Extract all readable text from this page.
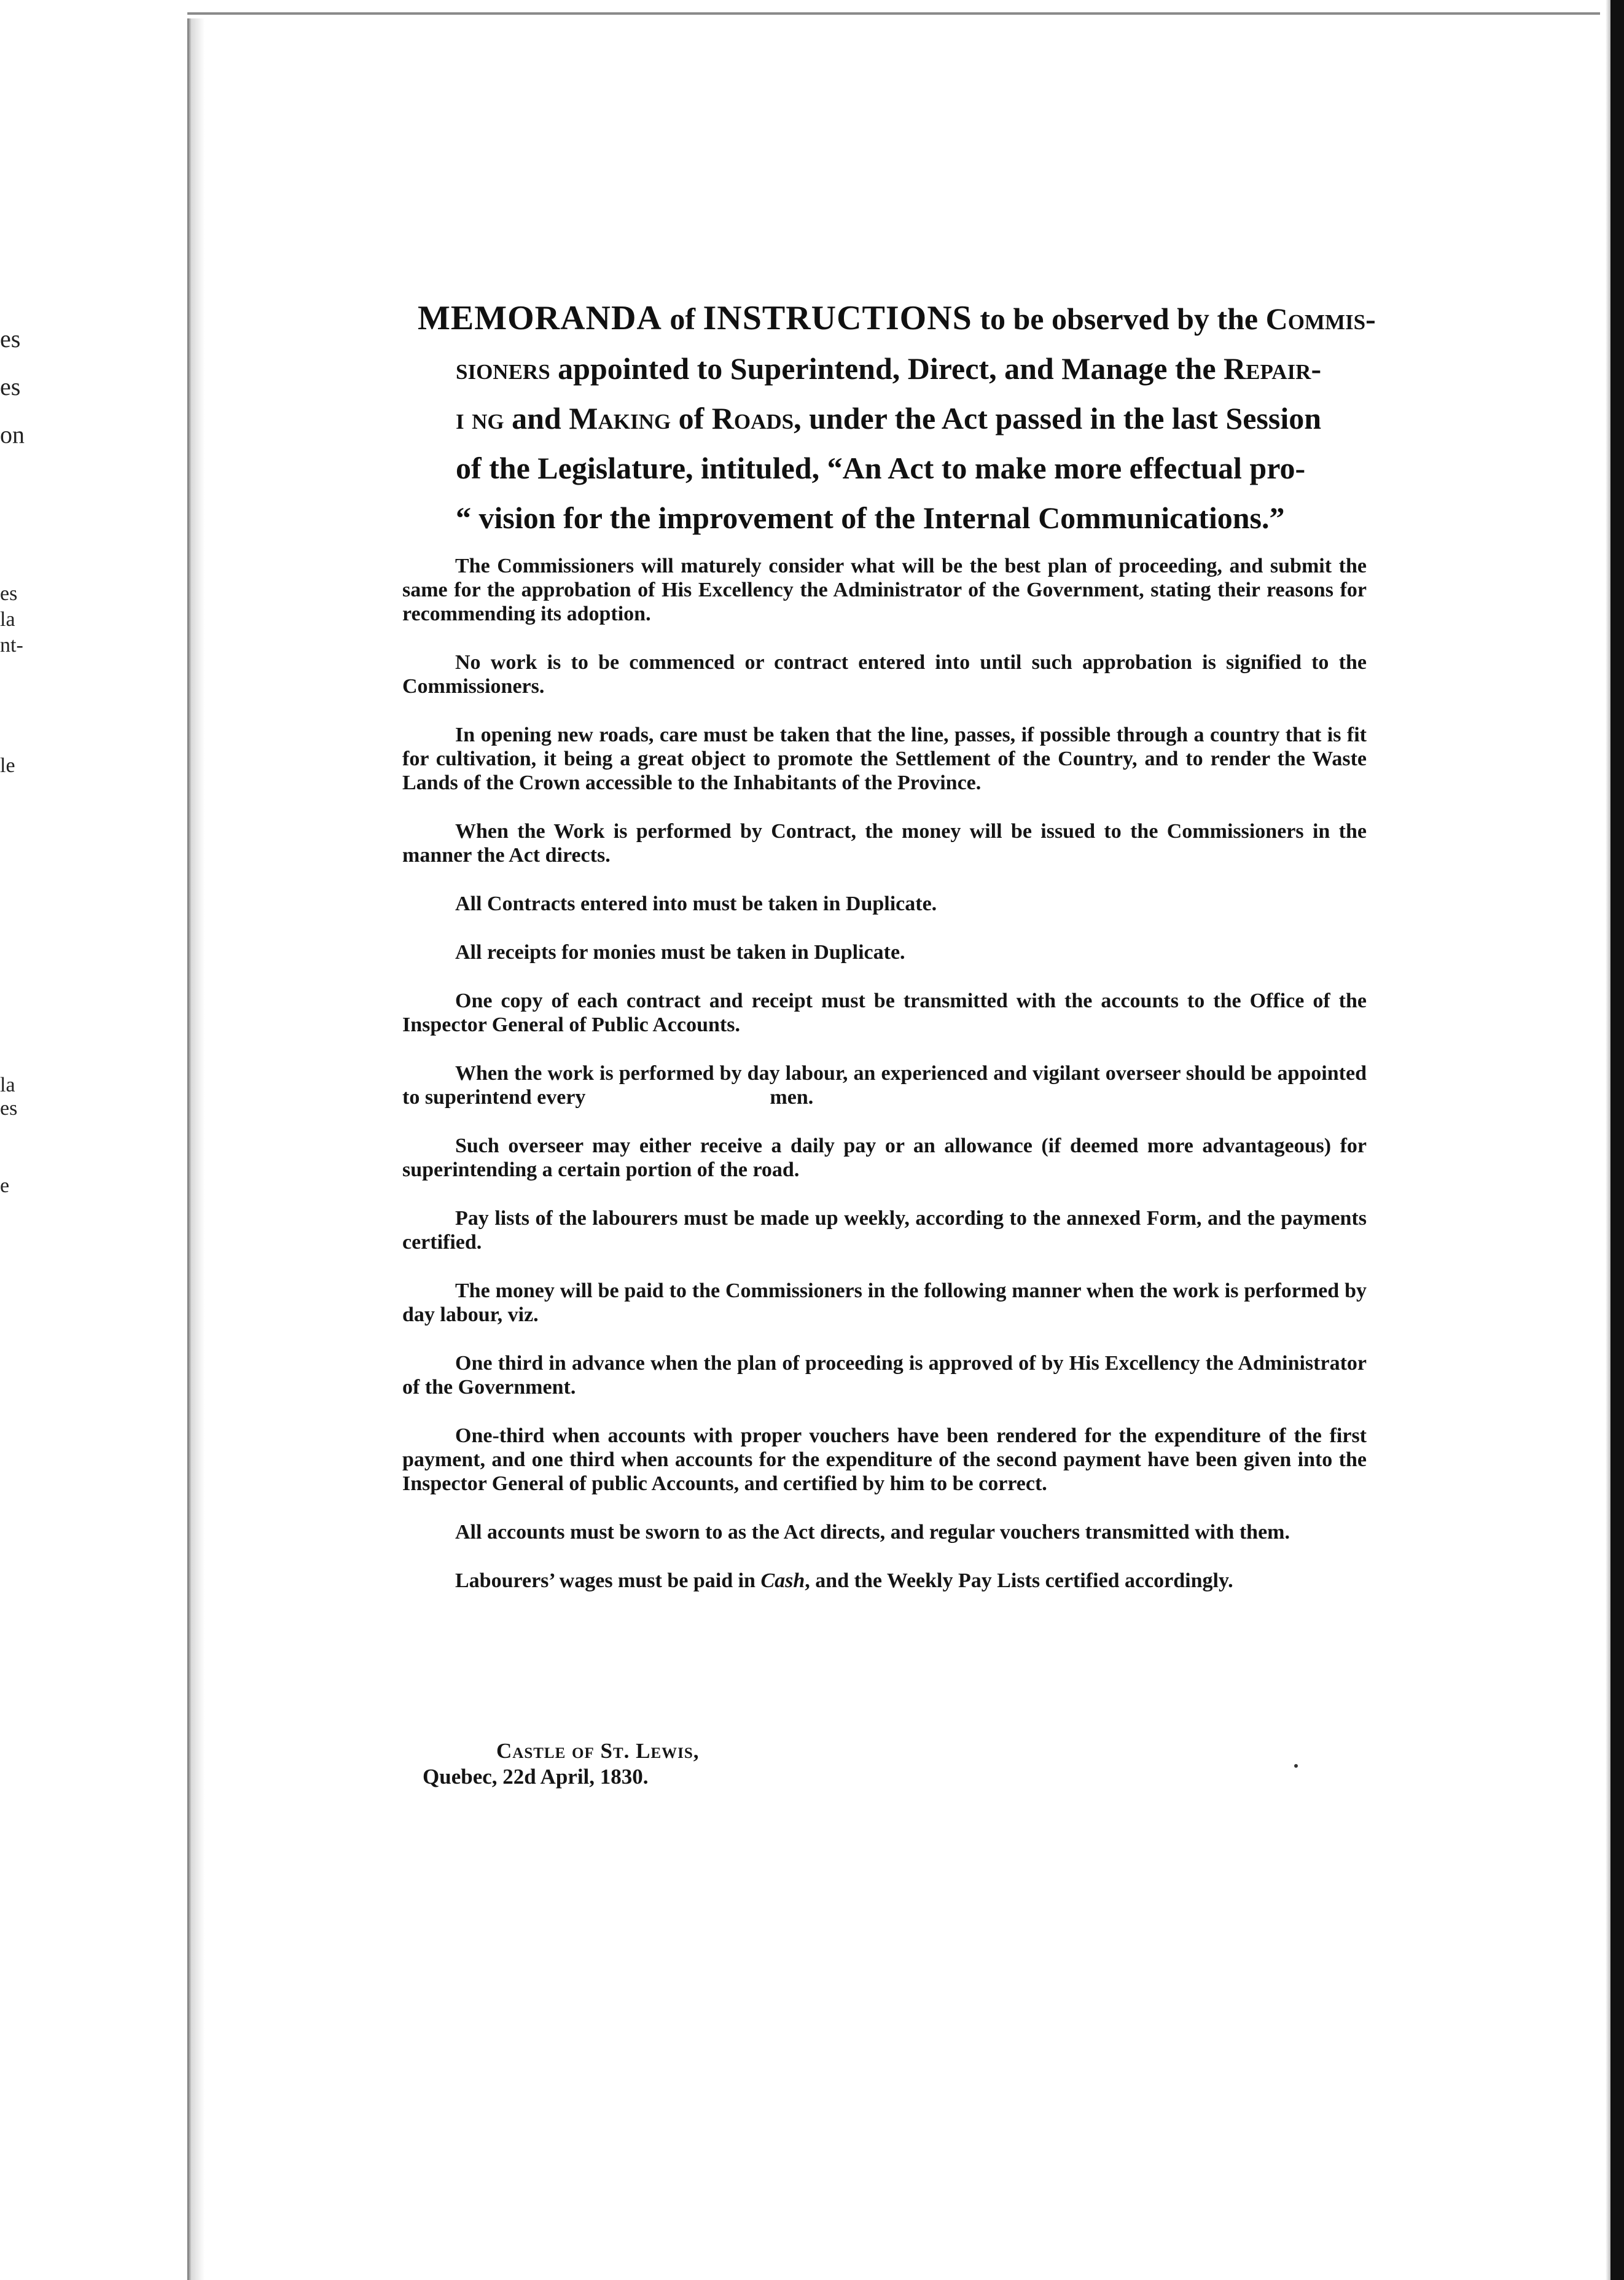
es
es
on
es
la
nt-
le
la
es
e
MEMORANDA of INSTRUCTIONS to be observed by the Commis-
sioners appointed to Superintend, Direct, and Manage the Repair-
i ng and Making of Roads, under the Act passed in the last Session
of the Legislature, intituled, “An Act to make more effectual pro-
“ vision for the improvement of the Internal Communications.”

The Commissioners will maturely consider what will be the best plan of proceeding, and submit the same for the approbation of His Excellency the Administrator of the Government, stating their reasons for recommending its adoption.

No work is to be commenced or contract entered into until such approbation is signified to the Commissioners.

In opening new roads, care must be taken that the line, passes, if possible through a country that is fit for cultivation, it being a great object to promote the Settlement of the Country, and to render the Waste Lands of the Crown accessible to the Inhabitants of the Province.

When the Work is performed by Contract, the money will be issued to the Commissioners in the manner the Act directs.

All Contracts entered into must be taken in Duplicate.

All receipts for monies must be taken in Duplicate.

One copy of each contract and receipt must be transmitted with the accounts to the Office of the Inspector General of Public Accounts.

When the work is performed by day labour, an experienced and vigilant overseer should be appointed to superintend every	men.

Such overseer may either receive a daily pay or an allowance (if deemed more advantageous) for superintending a certain portion of the road.

Pay lists of the labourers must be made up weekly, according to the annexed Form, and the payments certified.

The money will be paid to the Commissioners in the following manner when the work is performed by day labour, viz.

One third in advance when the plan of proceeding is approved of by His Excellency the Administrator of the Government.

One-third when accounts with proper vouchers have been rendered for the expenditure of the first payment, and one third when accounts for the expenditure of the second payment have been given into the Inspector General of public Accounts, and certified by him to be correct.

All accounts must be sworn to as the Act directs, and regular vouchers transmitted with them.

Labourers’ wages must be paid in Cash, and the Weekly Pay Lists certified accordingly.

Castle of St. Lewis,
Quebec, 22d April, 1830.
